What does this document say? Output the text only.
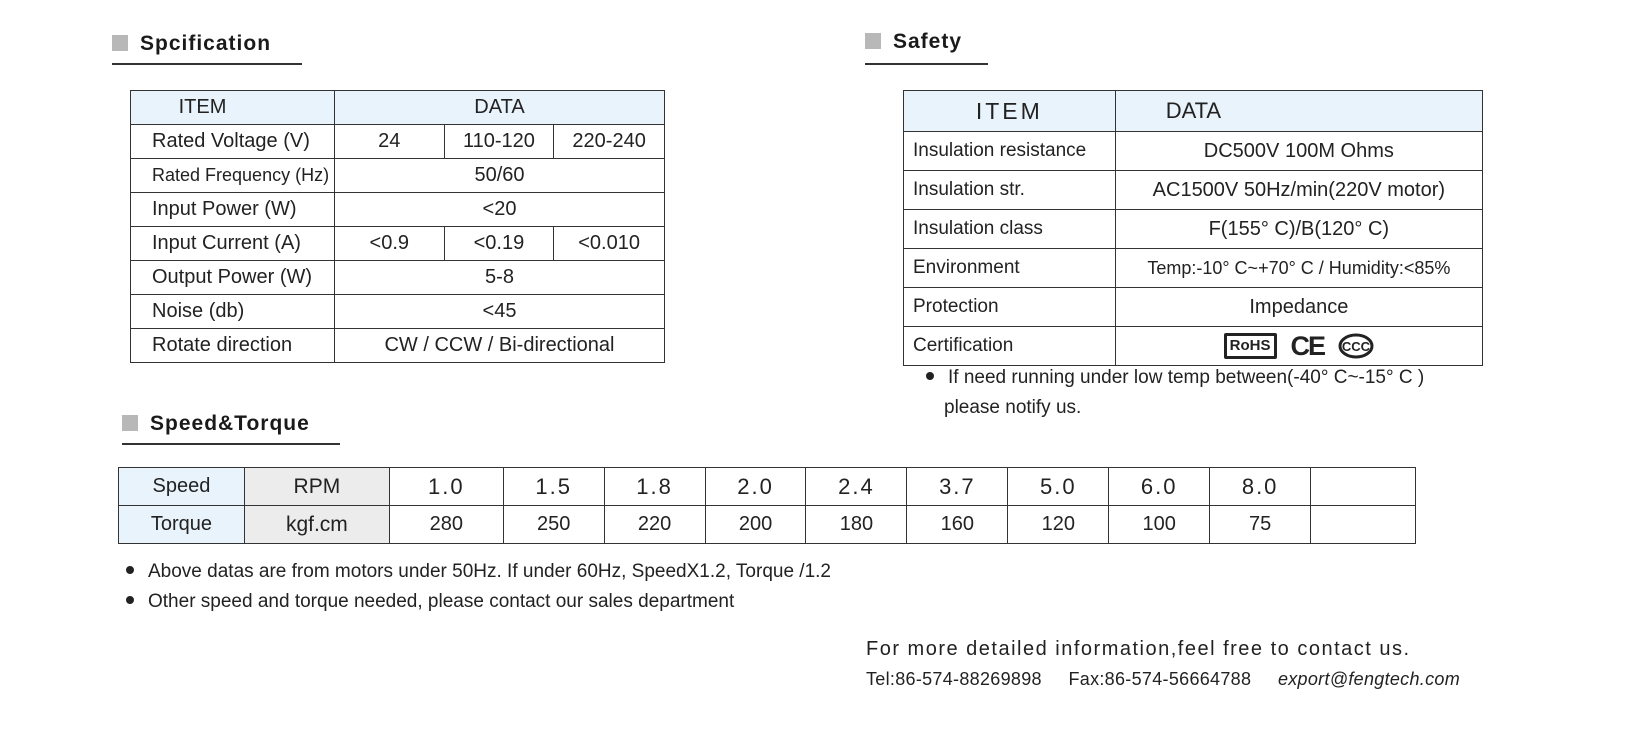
Spcification
ITEM	DATA		
Rated Voltage (V)	24	110-120	220-240
Rated Frequency (Hz)	50/60		
Input Power (W)	<20		
Input Current (A)	<0.9	<0.19	<0.010
Output Power (W)	5-8		
Noise (db)	<45		
Rotate direction	CW / CCW / Bi-directional		
Safety
ITEM	DATA
Insulation resistance	DC500V 100M Ohms
Insulation str.	AC1500V 50Hz/min(220V motor)
Insulation class	F(155° C)/B(120° C)
Environment	Temp:-10° C~+70° C / Humidity:<85%
Protection	Impedance
Certification	RoHS CE CCC
If need running under low temp between(-40° C~-15° C )
please notify us.
Speed&Torque
Speed	RPM	1.0	1.5	1.8	2.0	2.4	3.7	5.0	6.0	8.0	
Torque	kgf.cm	280	250	220	200	180	160	120	100	75	
Above datas are from motors under 50Hz. If under 60Hz, SpeedX1.2, Torque /1.2
Other speed and torque needed, please contact our sales department
For more detailed information,feel free to contact us.
Tel:86-574-88269898 Fax:86-574-56664788 export@fengtech.com
